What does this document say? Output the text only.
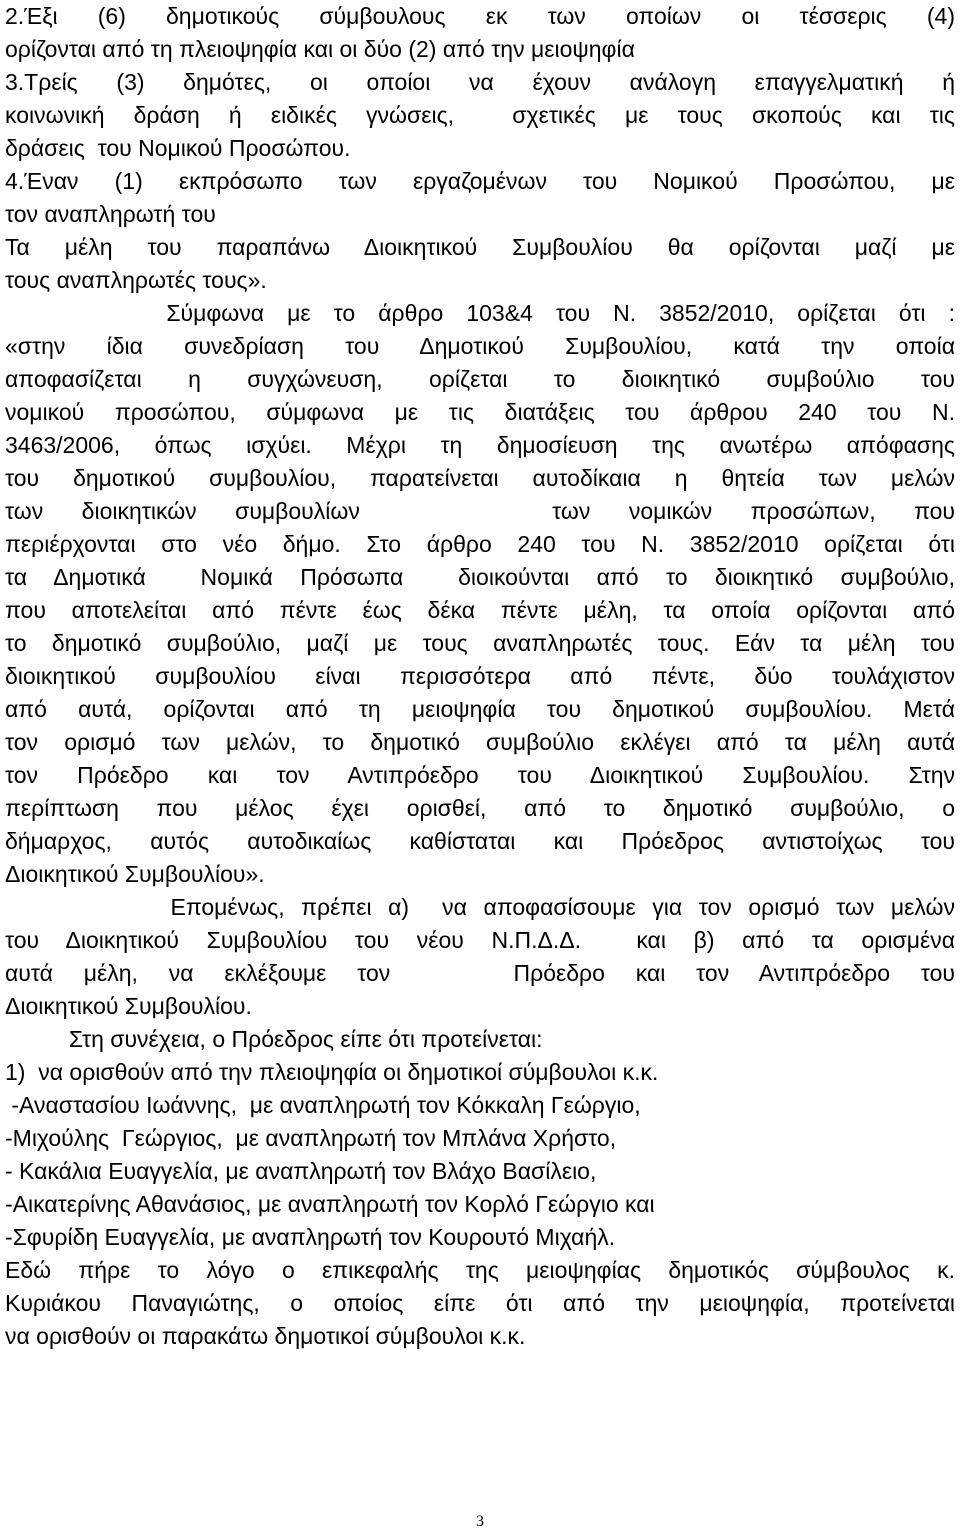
2.Έξι (6) δημοτικούς σύμβουλους εκ των οποίων οι τέσσερις (4)
ορίζονται από τη πλειοψηφία και οι δύο (2) από την μειοψηφία
3.Τρείς (3) δημότες, οι οποίοι να έχουν ανάλογη επαγγελματική ή
κοινωνική δράση ή ειδικές γνώσεις,  σχετικές με τους σκοπούς και τις
δράσεις  του Νομικού Προσώπου.
4.Έναν (1) εκπρόσωπο των εργαζομένων του Νομικού Προσώπου, με
τον αναπληρωτή του
Τα μέλη του παραπάνω Διοικητικού Συμβουλίου θα ορίζονται μαζί με
τους αναπληρωτές τους».
Σύμφωνα με το άρθρο 103&4 του Ν. 3852/2010, ορίζεται ότι :
«στην ίδια συνεδρίαση του Δημοτικού Συμβουλίου, κατά την οποία
αποφασίζεται η συγχώνευση, ορίζεται το διοικητικό συμβούλιο του
νομικού προσώπου, σύμφωνα με τις διατάξεις του άρθρου 240 του Ν.
3463/2006, όπως ισχύει. Μέχρι τη δημοσίευση της ανωτέρω απόφασης
του δημοτικού συμβουλίου, παρατείνεται αυτοδίκαια η θητεία των μελών
των  διοικητικών  συμβουλίων          των  νομικών  προσώπων,  που
περιέρχονται στο νέο δήμο. Στο άρθρο 240 του Ν. 3852/2010 ορίζεται ότι
τα Δημοτικά  Νομικά Πρόσωπα  διοικούνται από το διοικητικό συμβούλιο,
που αποτελείται από πέντε έως δέκα πέντε μέλη, τα οποία ορίζονται από
το δημοτικό συμβούλιο, μαζί με τους αναπληρωτές τους. Εάν τα μέλη του
διοικητικού συμβουλίου είναι περισσότερα από πέντε, δύο τουλάχιστον
από αυτά, ορίζονται από τη μειοψηφία του δημοτικού συμβουλίου. Μετά
τον ορισμό των μελών, το δημοτικό συμβούλιο εκλέγει από τα μέλη αυτά
τον Πρόεδρο και τον Αντιπρόεδρο του Διοικητικού Συμβουλίου. Στην
περίπτωση που μέλος έχει ορισθεί, από το δημοτικό συμβούλιο, ο
δήμαρχος, αυτός αυτοδικαίως καθίσταται και Πρόεδρος αντιστοίχως του
Διοικητικού Συμβουλίου».
Επομένως, πρέπει α)  να αποφασίσουμε για τον ορισμό των μελών
του Διοικητικού Συμβουλίου του νέου Ν.Π.Δ.Δ.  και β) από τα ορισμένα
αυτά μέλη, να εκλέξουμε τον    Πρόεδρο και τον Αντιπρόεδρο του
Διοικητικού Συμβουλίου.
Στη συνέχεια, ο Πρόεδρος είπε ότι προτείνεται:
1)  να ορισθούν από την πλειοψηφία οι δημοτικοί σύμβουλοι κ.κ.
-Αναστασίου Ιωάννης,  με αναπληρωτή τον Κόκκαλη Γεώργιο,
-Μιχούλης  Γεώργιος,  με αναπληρωτή τον Μπλάνα Χρήστο,
- Κακάλια Ευαγγελία, με αναπληρωτή τον Βλάχο Βασίλειο,
-Αικατερίνης Αθανάσιος, με αναπληρωτή τον Κορλό Γεώργιο και
-Σφυρίδη Ευαγγελία, με αναπληρωτή τον Κουρουτό Μιχαήλ.
Εδώ πήρε το λόγο ο επικεφαλής της μειοψηφίας δημοτικός σύμβουλος κ.
Κυριάκου Παναγιώτης, ο οποίος είπε ότι από την μειοψηφία, προτείνεται
να ορισθούν οι παρακάτω δημοτικοί σύμβουλοι κ.κ.
3
